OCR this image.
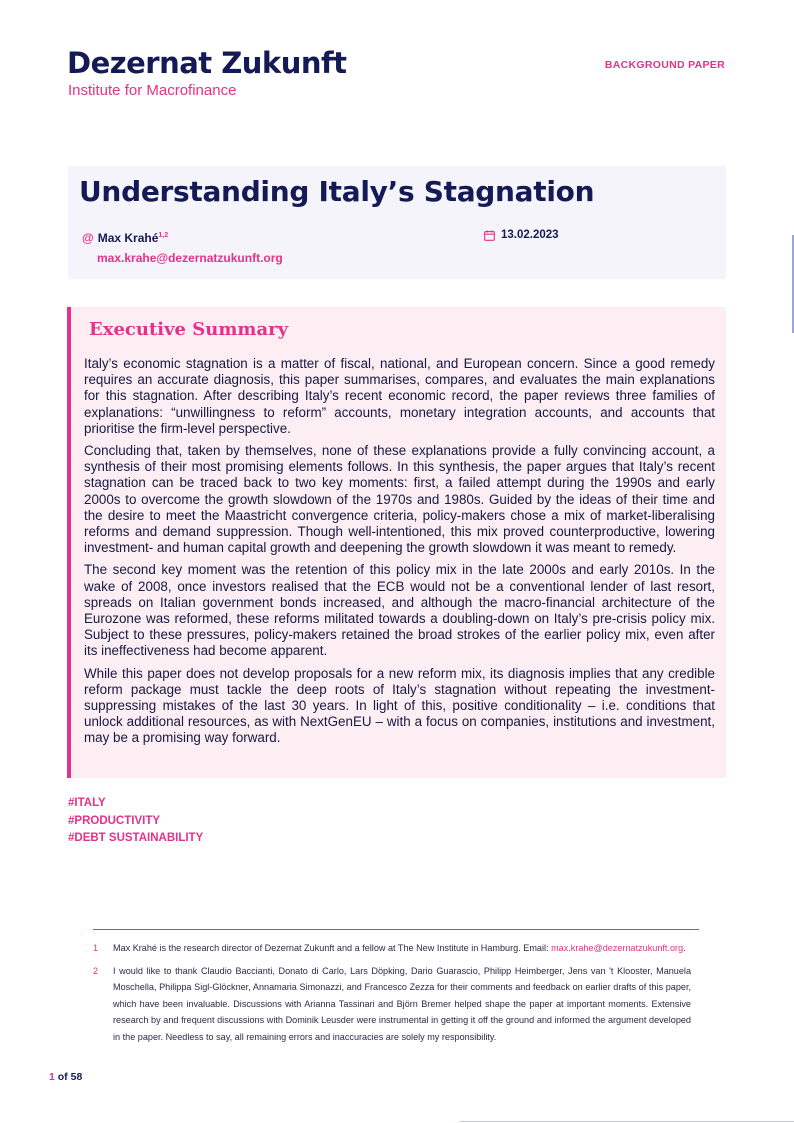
Dezernat Zukunft
Institute for Macrofinance
BACKGROUND PAPER
Understanding Italy’s Stagnation
@ Max Krahé$^{1,2}$
max.krahe@dezernatzukunft.org
13.02.2023
Executive Summary

Italy’s economic stagnation is a matter of fiscal, national, and European concern. Since a good remedy requires an accurate diagnosis, this paper summarises, compares, and evaluates the main explanations for this stagnation. After describing Italy’s recent economic record, the paper reviews three families of explanations: “unwillingness to reform” accounts, monetary integration accounts, and accounts that prioritise the firm-level perspective.

Concluding that, taken by themselves, none of these explanations provide a fully convincing account, a synthesis of their most promising elements follows. In this synthesis, the paper argues that Italy’s recent stagnation can be traced back to two key moments: first, a failed attempt during the 1990s and early 2000s to overcome the growth slowdown of the 1970s and 1980s. Guided by the ideas of their time and the desire to meet the Maastricht convergence criteria, policy-makers chose a mix of market-liberalising reforms and demand suppression. Though well-intentioned, this mix proved counterproductive, lowering investment- and human capital growth and deepening the growth slowdown it was meant to remedy.

The second key moment was the retention of this policy mix in the late 2000s and early 2010s. In the wake of 2008, once investors realised that the ECB would not be a conventional lender of last resort, spreads on Italian government bonds increased, and although the macro-financial architecture of the Eurozone was reformed, these reforms militated towards a doubling-down on Italy’s pre-crisis policy mix. Subject to these pressures, policy-makers retained the broad strokes of the earlier policy mix, even after its ineffectiveness had become apparent.

While this paper does not develop proposals for a new reform mix, its diagnosis implies that any credible reform package must tackle the deep roots of Italy’s stagnation without repeating the investment-suppressing mistakes of the last 30 years. In light of this, positive conditionality – i.e. conditions that unlock additional resources, as with NextGenEU – with a focus on companies, institutions and investment, may be a promising way forward.

#ITALY
#PRODUCTIVITY
#DEBT SUSTAINABILITY
1	Max Krahé is the research director of Dezernat Zukunft and a fellow at The New Institute in Hamburg. Email: max.krahe@dezernatzukunft.org.
2	I would like to thank Claudio Baccianti, Donato di Carlo, Lars Döpking, Dario Guarascio, Philipp Heimberger, Jens van 't Klooster, Manuela Moschella, Philippa Sigl-Glöckner, Annamaria Simonazzi, and Francesco Zezza for their comments and feedback on earlier drafts of this paper, which have been invaluable. Discussions with Arianna Tassinari and Björn Bremer helped shape the paper at important moments. Extensive research by and frequent discussions with Dominik Leusder were instrumental in getting it off the ground and informed the argument developed in the paper. Needless to say, all remaining errors and inaccuracies are solely my responsibility.
1 of 58
